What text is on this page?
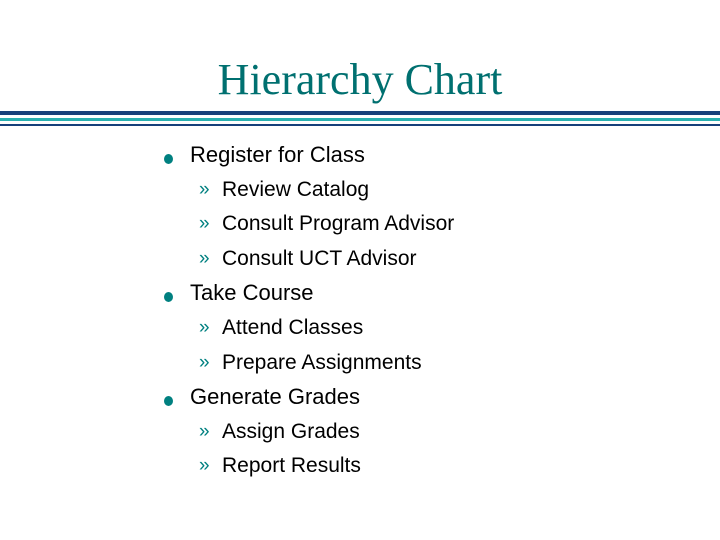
Hierarchy Chart
Register for Class
» Review Catalog
» Consult Program Advisor
» Consult UCT Advisor
Take Course
» Attend Classes
» Prepare Assignments
Generate Grades
» Assign Grades
» Report Results
